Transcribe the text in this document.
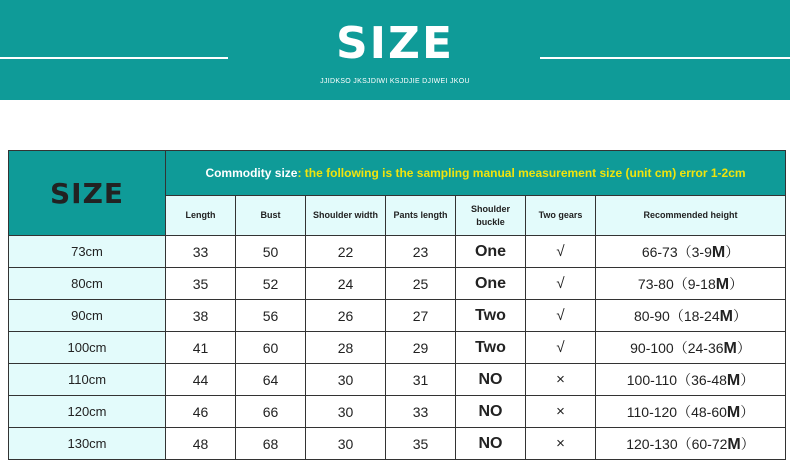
SIZE
JJIDKSO JKSJDIWI KSJDJIE DJIWEI JKOU
SIZE	Commodity size: the following is the sampling manual measurement size (unit cm) error 1-2cm						
	Length	Bust	Shoulder width	Pants length	Shoulder
buckle	Two gears	Recommended height
73cm	33	50	22	23	One	√	66-73（3-9M）
80cm	35	52	24	25	One	√	73-80（9-18M）
90cm	38	56	26	27	Two	√	80-90（18-24M）
100cm	41	60	28	29	Two	√	90-100（24-36M）
110cm	44	64	30	31	NO	×	100-110（36-48M）
120cm	46	66	30	33	NO	×	110-120（48-60M）
130cm	48	68	30	35	NO	×	120-130（60-72M）
